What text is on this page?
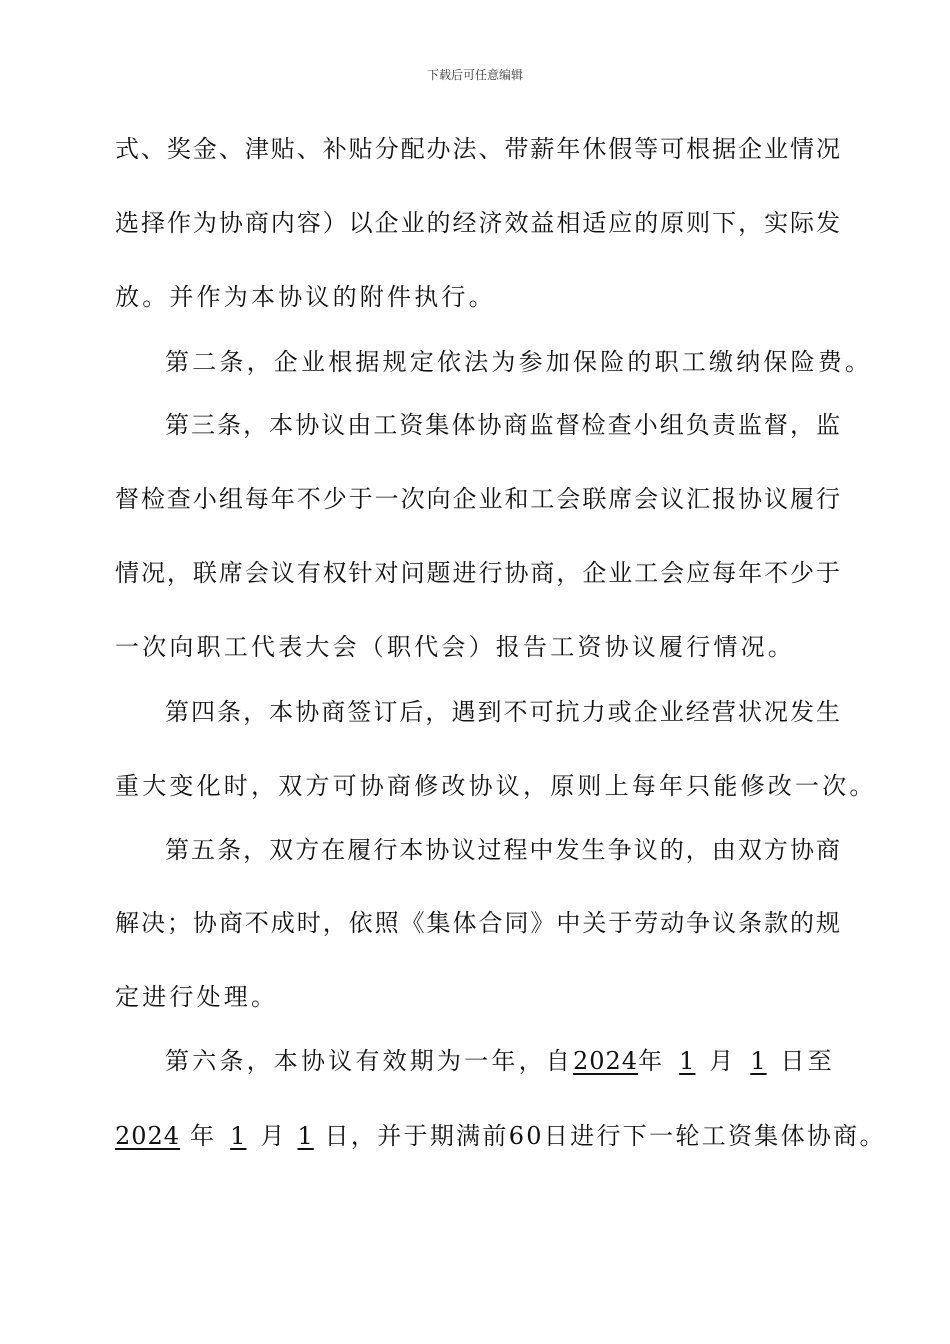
下载后可任意编辑
式、奖金、津贴、补贴分配办法、带薪年休假等可根据企业情况
选择作为协商内容）以企业的经济效益相适应的原则下，实际发
放。并作为本协议的附件执行。
第二条，企业根据规定依法为参加保险的职工缴纳保险费。
第三条，本协议由工资集体协商监督检查小组负责监督，监
督检查小组每年不少于一次向企业和工会联席会议汇报协议履行
情况，联席会议有权针对问题进行协商，企业工会应每年不少于
一次向职工代表大会（职代会）报告工资协议履行情况。
第四条，本协商签订后，遇到不可抗力或企业经营状况发生
重大变化时，双方可协商修改协议，原则上每年只能修改一次。
第五条，双方在履行本协议过程中发生争议的，由双方协商
解决；协商不成时，依照《集体合同》中关于劳动争议条款的规
定进行处理。
第六条，本协议有效期为一年，自2024年 1 月 1 日至
2024 年 1 月 1 日，并于期满前60日进行下一轮工资集体协商。
